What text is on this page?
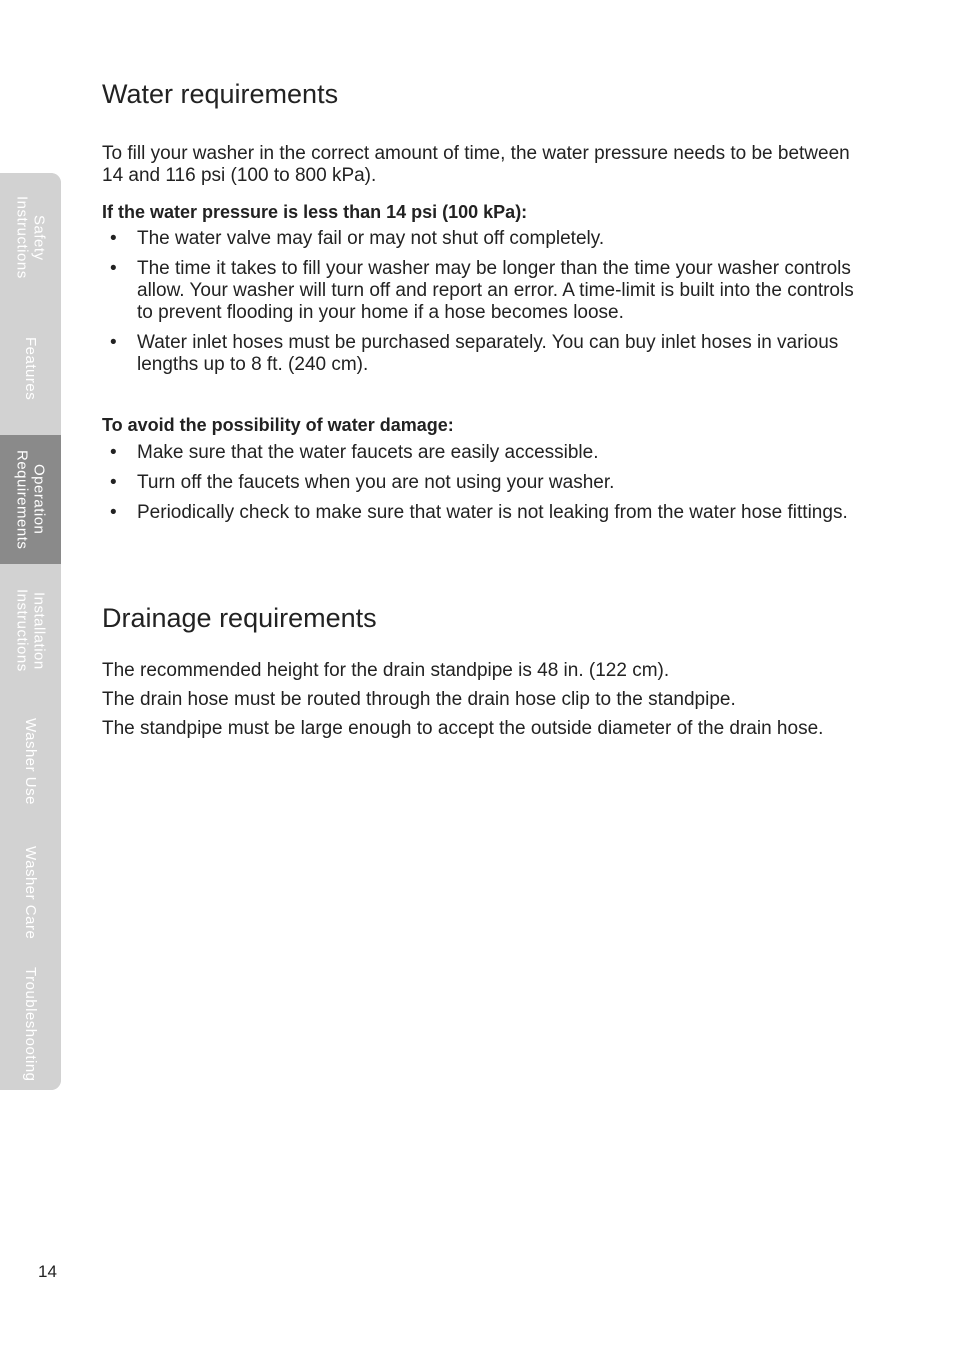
Safety
Instructions
Features
Operation
Requirements
Installation
Instructions
Washer Use
Washer Care
Troubleshooting
Water requirements

To fill your washer in the correct amount of time, the water pressure needs to be between 14 and 116 psi (100 to 800 kPa).

If the water pressure is less than 14 psi (100 kPa):

• The water valve may fail or may not shut off completely.
• The time it takes to fill your washer may be longer than the time your washer controls allow. Your washer will turn off and report an error. A time-limit is built into the controls to prevent flooding in your home if a hose becomes loose.
• Water inlet hoses must be purchased separately. You can buy inlet hoses in various lengths up to 8 ft. (240 cm).

To avoid the possibility of water damage:

• Make sure that the water faucets are easily accessible.
• Turn off the faucets when you are not using your washer.
• Periodically check to make sure that water is not leaking from the water hose fittings.
Drainage requirements

The recommended height for the drain standpipe is 48 in. (122 cm).

The drain hose must be routed through the drain hose clip to the standpipe.

The standpipe must be large enough to accept the outside diameter of the drain hose.

14
